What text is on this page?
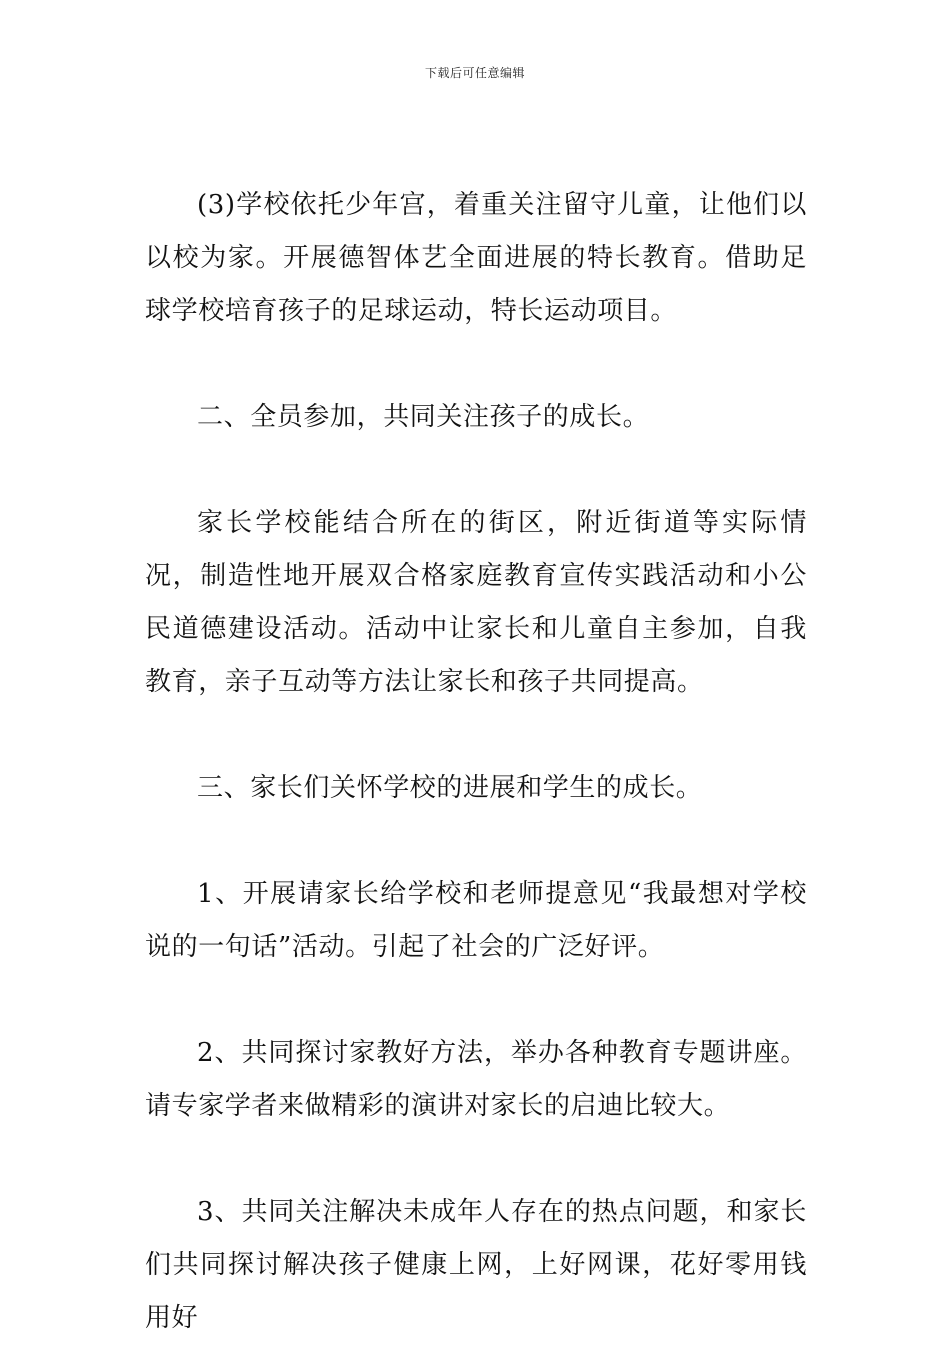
下载后可任意编辑

(3)学校依托少年宫，着重关注留守儿童，让他们以以校为家。开展德智体艺全面进展的特长教育。借助足球学校培育孩子的足球运动，特长运动项目。

二、全员参加，共同关注孩子的成长。

家长学校能结合所在的街区，附近街道等实际情况，制造性地开展双合格家庭教育宣传实践活动和小公民道德建设活动。活动中让家长和儿童自主参加，自我教育，亲子互动等方法让家长和孩子共同提高。

三、家长们关怀学校的进展和学生的成长。

1、开展请家长给学校和老师提意见“我最想对学校说的一句话”活动。引起了社会的广泛好评。

2、共同探讨家教好方法，举办各种教育专题讲座。请专家学者来做精彩的演讲对家长的启迪比较大。

3、共同关注解决未成年人存在的热点问题，和家长们共同探讨解决孩子健康上网，上好网课，花好零用钱用好
